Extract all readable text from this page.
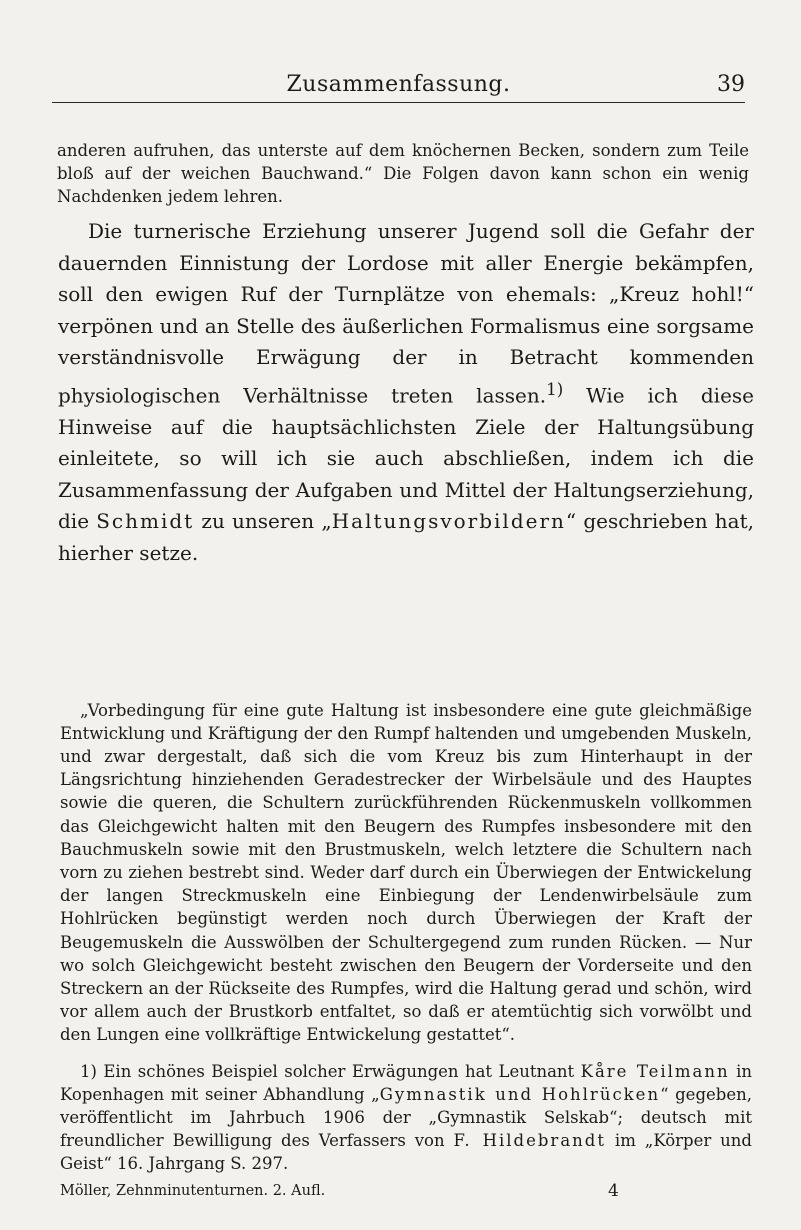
Zusammenfassung.	39

anderen aufruhen, das unterste auf dem knöchernen Becken, sondern zum Teile bloß auf der weichen Bauchwand.“ Die Folgen davon kann schon ein wenig Nachdenken jedem lehren.

Die turnerische Erziehung unserer Jugend soll die Gefahr der dauernden Einnistung der Lordose mit aller Energie bekämpfen, soll den ewigen Ruf der Turnplätze von ehemals: „Kreuz hohl!“ verpönen und an Stelle des äußerlichen Formalismus eine sorgsame verständnisvolle Erwägung der in Betracht kommenden physiologischen Verhältnisse treten lassen.$^{1)}$ Wie ich diese Hinweise auf die hauptsächlichsten Ziele der Haltungsübung einleitete, so will ich sie auch abschließen, indem ich die Zusammenfassung der Aufgaben und Mittel der Haltungserziehung, die Schmidt zu unseren „Haltungsvorbildern“ geschrieben hat, hierher setze.

„Vorbedingung für eine gute Haltung ist insbesondere eine gute gleichmäßige Entwicklung und Kräftigung der den Rumpf haltenden und umgebenden Muskeln, und zwar dergestalt, daß sich die vom Kreuz bis zum Hinterhaupt in der Längsrichtung hinziehenden Geradestrecker der Wirbelsäule und des Hauptes sowie die queren, die Schultern zurückführenden Rückenmuskeln vollkommen das Gleichgewicht halten mit den Beugern des Rumpfes insbesondere mit den Bauchmuskeln sowie mit den Brustmuskeln, welch letztere die Schultern nach vorn zu ziehen bestrebt sind. Weder darf durch ein Überwiegen der Entwickelung der langen Streckmuskeln eine Einbiegung der Lendenwirbelsäule zum Hohlrücken begünstigt werden noch durch Überwiegen der Kraft der Beugemuskeln die Ausswölben der Schultergegend zum runden Rücken. — Nur wo solch Gleichgewicht besteht zwischen den Beugern der Vorderseite und den Streckern an der Rückseite des Rumpfes, wird die Haltung gerad und schön, wird vor allem auch der Brustkorb entfaltet, so daß er atemtüchtig sich vorwölbt und den Lungen eine vollkräftige Entwickelung gestattet“.

1) Ein schönes Beispiel solcher Erwägungen hat Leutnant Kåre Teilmann in Kopenhagen mit seiner Abhandlung „Gymnastik und Hohlrücken“ gegeben, veröffentlicht im Jahrbuch 1906 der „Gymnastik Selskab“; deutsch mit freundlicher Bewilligung des Verfassers von F. Hildebrandt im „Körper und Geist“ 16. Jahrgang S. 297.

Möller, Zehnminutenturnen. 2. Aufl.	4
